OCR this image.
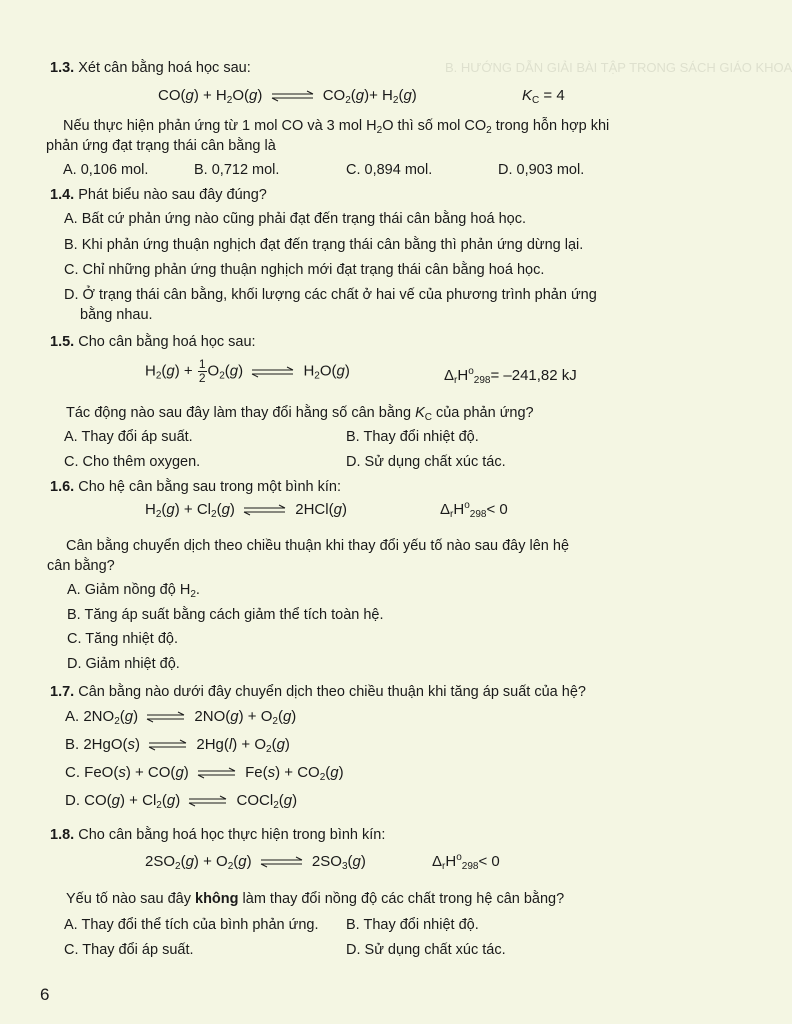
B. HƯỚNG DẪN GIẢI BÀI TẬP TRONG SÁCH GIÁO KHOA
1.3. Xét cân bằng hoá học sau:
$CO(g) + H_2O(g)$ ⇌ $CO_2(g)+ H_2(g)$	$K_C = 4$
Nếu thực hiện phản ứng từ 1 mol CO và 3 mol $H_2O$ thì số mol $CO_2$ trong hỗn hợp khi
phản ứng đạt trạng thái cân bằng là
A. 0,106 mol.	B. 0,712 mol.	C. 0,894 mol.	D. 0,903 mol.
1.4. Phát biểu nào sau đây đúng?
A. Bất cứ phản ứng nào cũng phải đạt đến trạng thái cân bằng hoá học.
B. Khi phản ứng thuận nghịch đạt đến trạng thái cân bằng thì phản ứng dừng lại.
C. Chỉ những phản ứng thuận nghịch mới đạt trạng thái cân bằng hoá học.
D. Ở trạng thái cân bằng, khối lượng các chất ở hai vế của phương trình phản ứng
bằng nhau.
1.5. Cho cân bằng hoá học sau:
$H_2(g) + \frac{1}{2} O_2(g)$ ⇌ $H_2O(g)$	$\Delta_rH^o_{298}= -241,82$ kJ
Tác động nào sau đây làm thay đổi hằng số cân bằng $K_C$ của phản ứng?
A. Thay đổi áp suất.	B. Thay đổi nhiệt độ.
C. Cho thêm oxygen.	D. Sử dụng chất xúc tác.
1.6. Cho hệ cân bằng sau trong một bình kín:
$H_2(g) + Cl_2(g)$ ⇌ 2HCl(g)	$\Delta_rH^o_{298}< 0$
Cân bằng chuyển dịch theo chiều thuận khi thay đổi yếu tố nào sau đây lên hệ
cân bằng?
A. Giảm nồng độ $H_2$.
B. Tăng áp suất bằng cách giảm thể tích toàn hệ.
C. Tăng nhiệt độ.
D. Giảm nhiệt độ.
1.7. Cân bằng nào dưới đây chuyển dịch theo chiều thuận khi tăng áp suất của hệ?
A. $2NO_2(g)$ ⇌ $2NO(g) + O_2(g)$
B. 2HgO(s) ⇌ $2Hg(l) + O_2(g)$
C. FeO(s) + CO(g) ⇌ $Fe(s) + CO_2(g)$
D. $CO(g) + Cl_2(g)$ ⇌ COCl$_2$(g)
1.8. Cho cân bằng hoá học thực hiện trong bình kín:
$2SO_2(g) + O_2(g)$ ⇌ $2SO_3(g)$	$\Delta_rH^o_{298}< 0$
Yếu tố nào sau đây không làm thay đổi nồng độ các chất trong hệ cân bằng?
A. Thay đổi thể tích của bình phản ứng. B. Thay đổi nhiệt độ.
C. Thay đổi áp suất.	D. Sử dụng chất xúc tác.
6
